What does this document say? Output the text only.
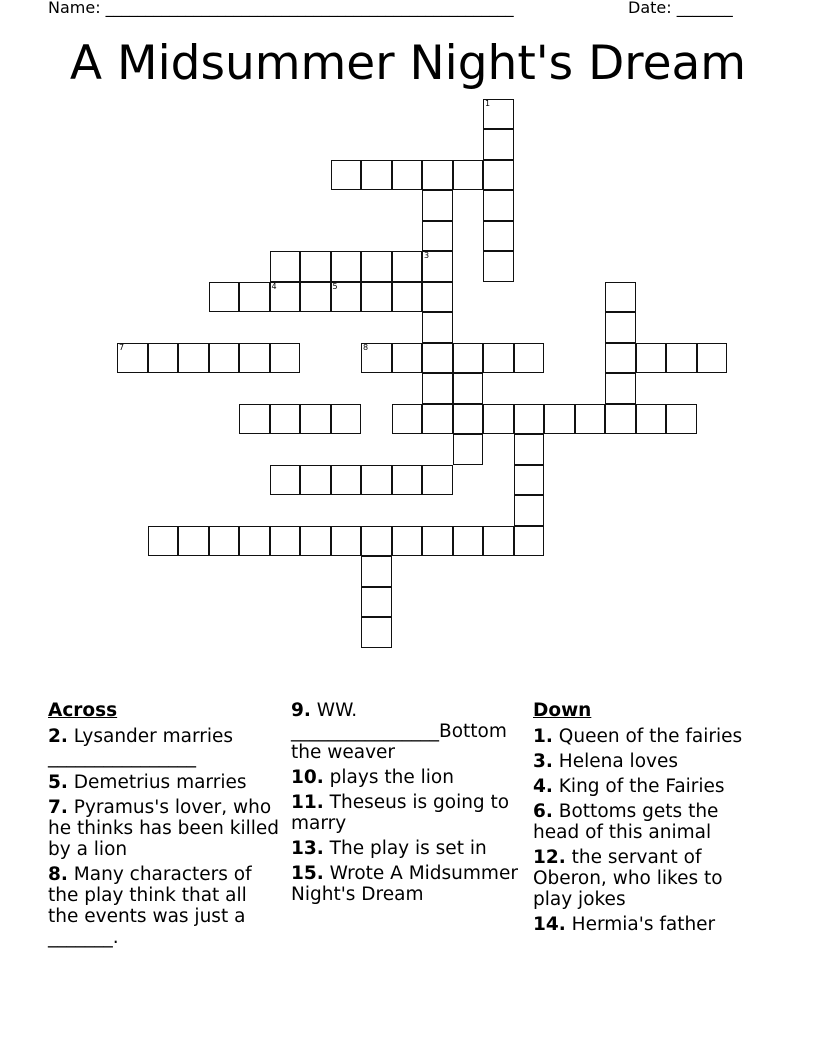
Name: ___________________________________________________	Date: _______
A Midsummer Night's Dream
1
3
4	5
7	8
Across
2. Lysander marries ________________
5. Demetrius marries
7. Pyramus's lover, who he thinks has been killed by a lion
8. Many characters of the play think that all the events was just a _______.
9. WW. ________________Bottom the weaver
10. plays the lion
11. Theseus is going to marry
13. The play is set in
15. Wrote A Midsummer Night's Dream
Down
1. Queen of the fairies
3. Helena loves
4. King of the Fairies
6. Bottoms gets the head of this animal
12. the servant of Oberon, who likes to play jokes
14. Hermia's father
